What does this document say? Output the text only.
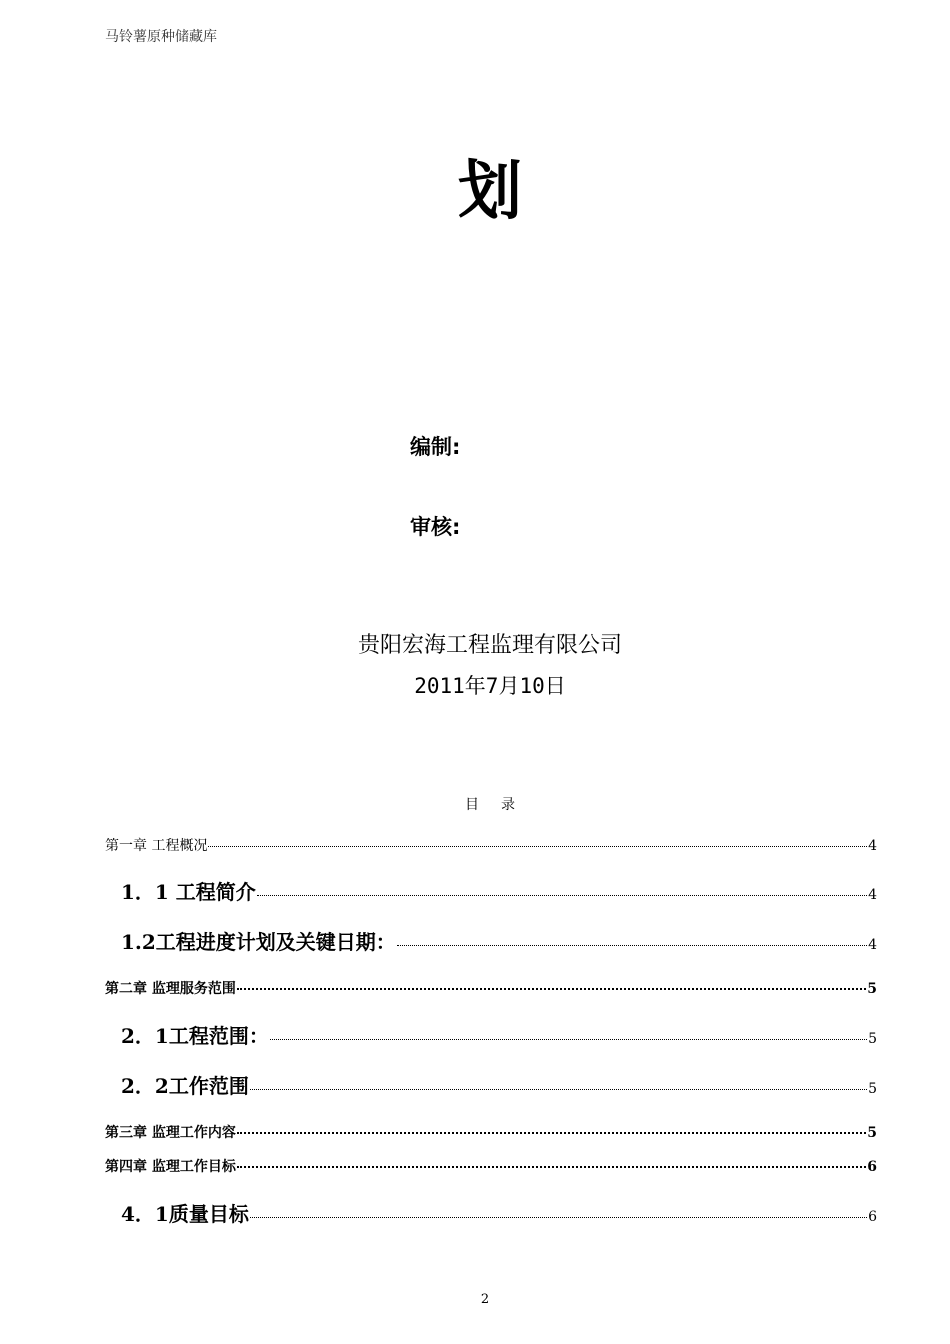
马铃薯原种储藏库
划
编制:
审核:
贵阳宏海工程监理有限公司
2011年7月10日
目录
第一章 工程概况	4
1．1 工程简介	4
1.2工程进度计划及关键日期：	4
第二章 监理服务范围	5
2．1工程范围：	5
2．2工作范围	5
第三章 监理工作内容	5
第四章 监理工作目标	6
4．1质量目标	6
2
